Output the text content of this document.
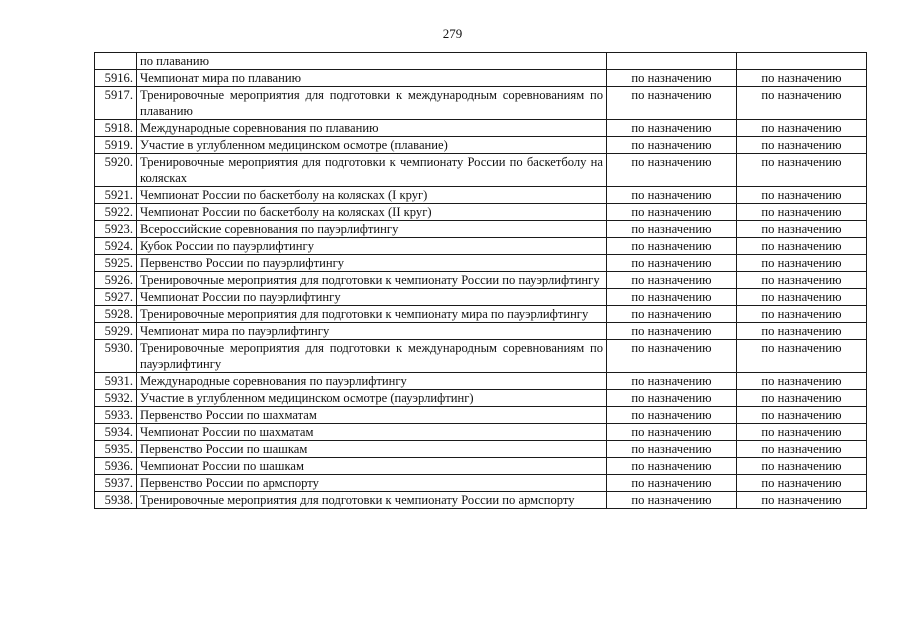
279
	по плаванию		
5916.	Чемпионат мира по плаванию	по назначению	по назначению
5917.	Тренировочные мероприятия для подготовки к международным соревнованиям по плаванию	по назначению	по назначению
5918.	Международные соревнования по плаванию	по назначению	по назначению
5919.	Участие в углубленном медицинском осмотре (плавание)	по назначению	по назначению
5920.	Тренировочные мероприятия для подготовки к чемпионату России по баскетболу на колясках	по назначению	по назначению
5921.	Чемпионат России по баскетболу на колясках (I круг)	по назначению	по назначению
5922.	Чемпионат России по баскетболу на колясках (II круг)	по назначению	по назначению
5923.	Всероссийские соревнования по пауэрлифтингу	по назначению	по назначению
5924.	Кубок России по пауэрлифтингу	по назначению	по назначению
5925.	Первенство России по пауэрлифтингу	по назначению	по назначению
5926.	Тренировочные мероприятия для подготовки к чемпионату России по пауэрлифтингу	по назначению	по назначению
5927.	Чемпионат России по пауэрлифтингу	по назначению	по назначению
5928.	Тренировочные мероприятия для подготовки к чемпионату мира по пауэрлифтингу	по назначению	по назначению
5929.	Чемпионат мира по пауэрлифтингу	по назначению	по назначению
5930.	Тренировочные мероприятия для подготовки к международным соревнованиям по пауэрлифтингу	по назначению	по назначению
5931.	Международные соревнования по пауэрлифтингу	по назначению	по назначению
5932.	Участие в углубленном медицинском осмотре (пауэрлифтинг)	по назначению	по назначению
5933.	Первенство России по шахматам	по назначению	по назначению
5934.	Чемпионат России по шахматам	по назначению	по назначению
5935.	Первенство России по шашкам	по назначению	по назначению
5936.	Чемпионат России по шашкам	по назначению	по назначению
5937.	Первенство России по армспорту	по назначению	по назначению
5938.	Тренировочные мероприятия для подготовки к чемпионату России по армспорту	по назначению	по назначению
